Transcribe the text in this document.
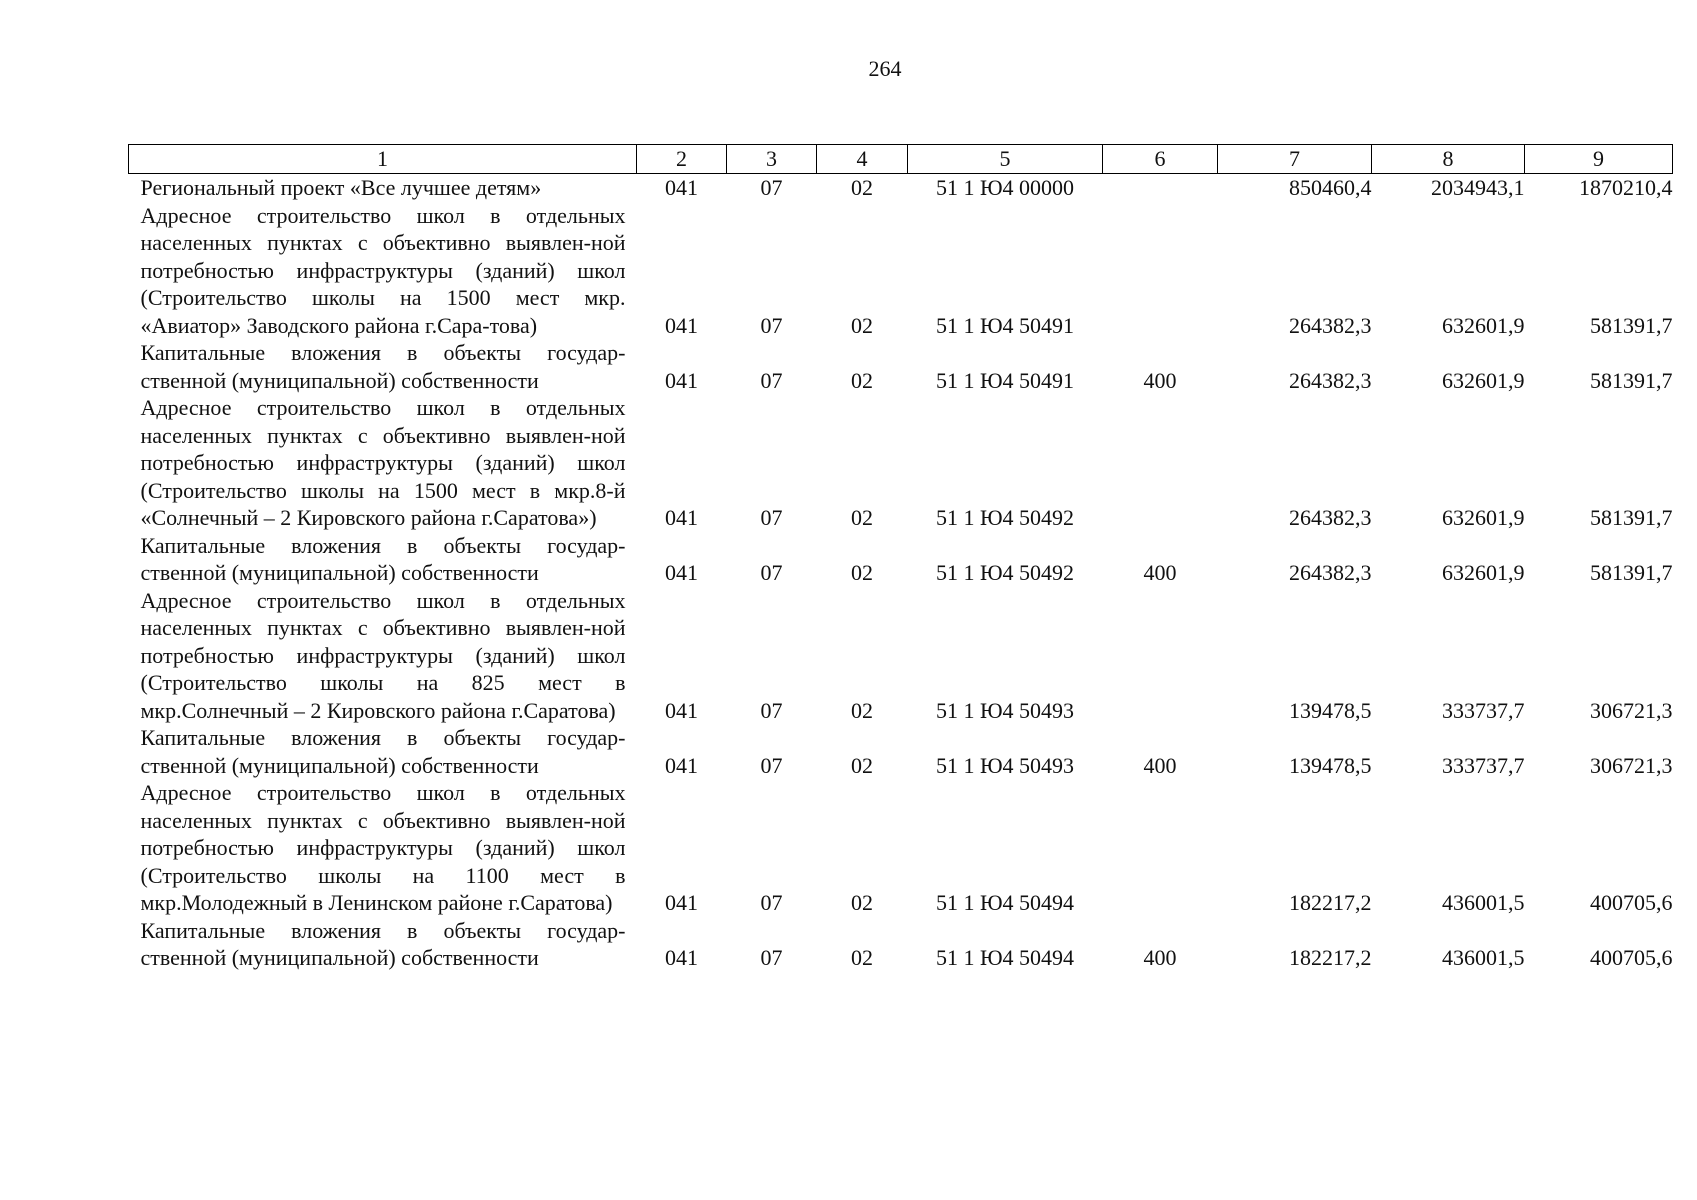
264
1	2	3	4	5	6	7	8	9
Региональный проект «Все лучшее детям»	041	07	02	51 1 Ю4 00000		850460,4	2034943,1	1870210,4
Адресное строительство школ в отдельных населенных пунктах с объективно выявлен-ной потребностью инфраструктуры (зданий) школ (Строительство школы на 1500 мест мкр. «Авиатор» Заводского района г.Сара-това)	041	07	02	51 1 Ю4 50491		264382,3	632601,9	581391,7
Капитальные вложения в объекты государ-ственной (муниципальной) собственности	041	07	02	51 1 Ю4 50491	400	264382,3	632601,9	581391,7
Адресное строительство школ в отдельных населенных пунктах с объективно выявлен-ной потребностью инфраструктуры (зданий) школ (Строительство школы на 1500 мест в мкр.8-й «Солнечный – 2 Кировского района г.Саратова»)	041	07	02	51 1 Ю4 50492		264382,3	632601,9	581391,7
Капитальные вложения в объекты государ-ственной (муниципальной) собственности	041	07	02	51 1 Ю4 50492	400	264382,3	632601,9	581391,7
Адресное строительство школ в отдельных населенных пунктах с объективно выявлен-ной потребностью инфраструктуры (зданий) школ (Строительство школы на 825 мест в мкр.Солнечный – 2 Кировского района г.Саратова)	041	07	02	51 1 Ю4 50493		139478,5	333737,7	306721,3
Капитальные вложения в объекты государ-ственной (муниципальной) собственности	041	07	02	51 1 Ю4 50493	400	139478,5	333737,7	306721,3
Адресное строительство школ в отдельных населенных пунктах с объективно выявлен-ной потребностью инфраструктуры (зданий) школ (Строительство школы на 1100 мест в мкр.Молодежный в Ленинском районе г.Саратова)	041	07	02	51 1 Ю4 50494		182217,2	436001,5	400705,6
Капитальные вложения в объекты государ-ственной (муниципальной) собственности	041	07	02	51 1 Ю4 50494	400	182217,2	436001,5	400705,6
